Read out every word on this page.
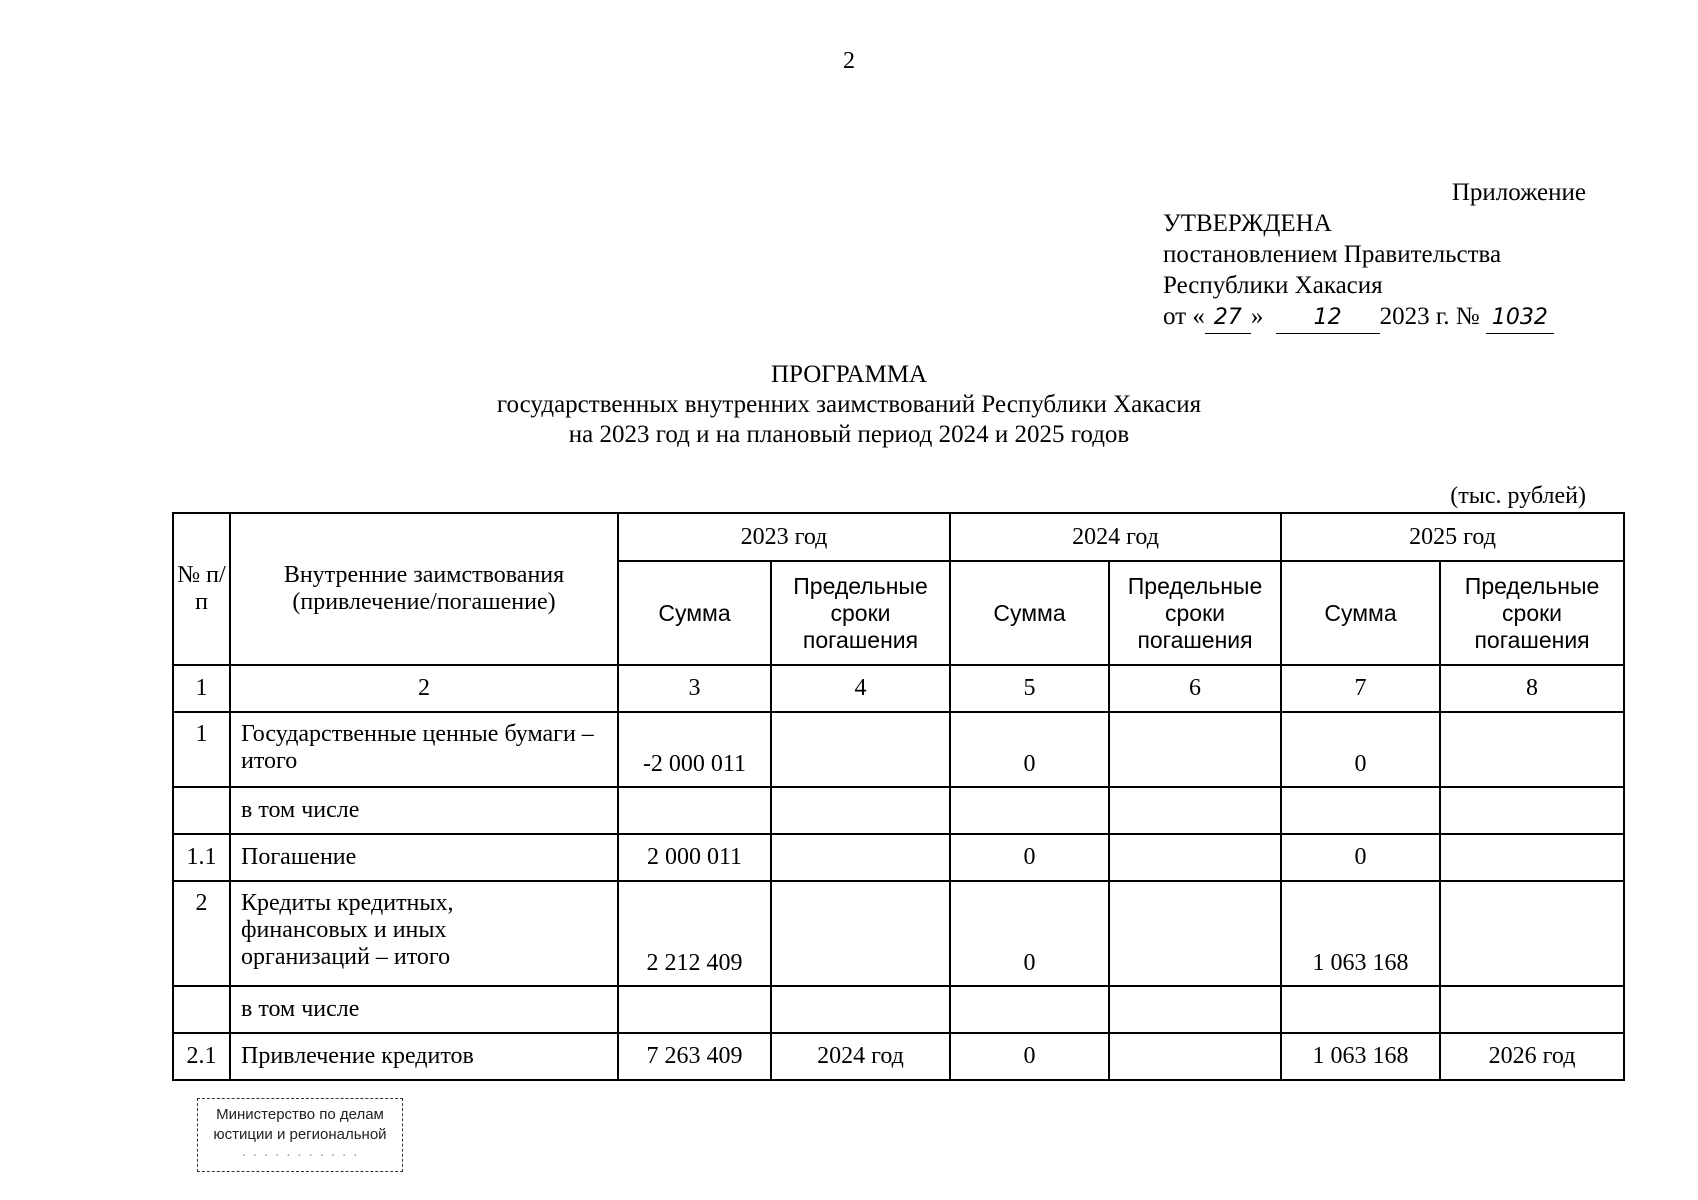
2
Приложение
УТВЕРЖДЕНА
постановлением Правительства
Республики Хакасия
от « 27 » 12 2023 г. № 1032
ПРОГРАММА
государственных внутренних заимствований Республики Хакасия
на 2023 год и на плановый период 2024 и 2025 годов
(тыс. рублей)
№ п/п	Внутренние заимствования (привлечение/погашение)	2023 год		2024 год		2025 год	
		Сумма	Предельные сроки погашения	Сумма	Предельные сроки погашения	Сумма	Предельные сроки погашения
1	2	3	4	5	6	7	8
1	Государственные ценные бумаги – итого	-2 000 011		0		0	
	в том числе						
1.1	Погашение	2 000 011		0		0	
2	Кредиты кредитных, финансовых и иных организаций – итого	2 212 409		0		1 063 168	
	в том числе						
2.1	Привлечение кредитов	7 263 409	2024 год	0		1 063 168	2026 год
Министерство по делам
юстиции и региональной
· · · · · · · · · · ·
